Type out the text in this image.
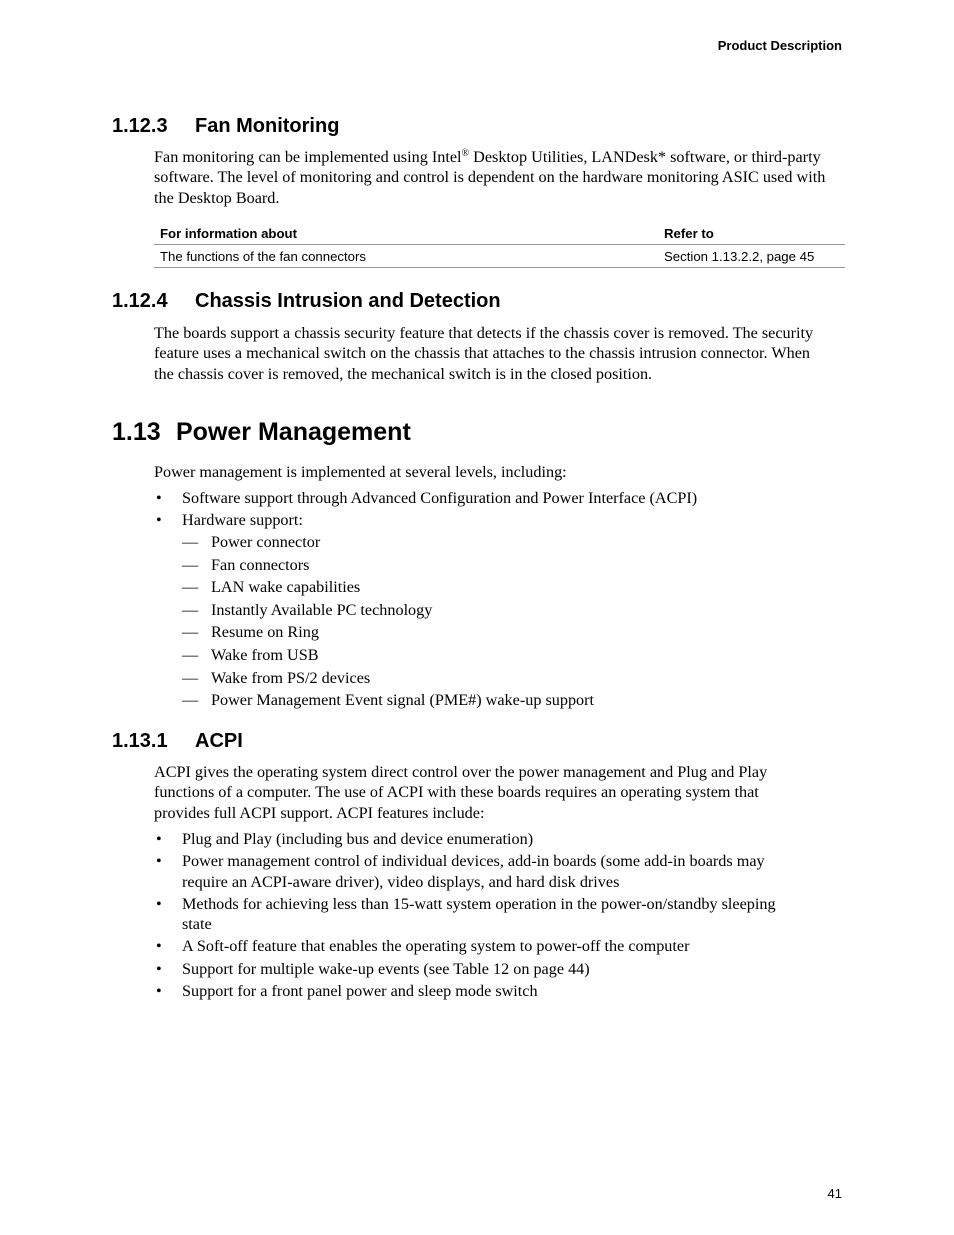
Product Description
1.12.3 Fan Monitoring

Fan monitoring can be implemented using Intel® Desktop Utilities, LANDesk* software, or third-party software. The level of monitoring and control is dependent on the hardware monitoring ASIC used with the Desktop Board.

For information about	Refer to
The functions of the fan connectors	Section 1.13.2.2, page 45
1.12.4 Chassis Intrusion and Detection

The boards support a chassis security feature that detects if the chassis cover is removed. The security feature uses a mechanical switch on the chassis that attaches to the chassis intrusion connector. When the chassis cover is removed, the mechanical switch is in the closed position.

1.13 Power Management

Power management is implemented at several levels, including:

• Software support through Advanced Configuration and Power Interface (ACPI)
• Hardware support:
— Power connector
— Fan connectors
— LAN wake capabilities
— Instantly Available PC technology
— Resume on Ring
— Wake from USB
— Wake from PS/2 devices
— Power Management Event signal (PME#) wake-up support
1.13.1 ACPI

ACPI gives the operating system direct control over the power management and Plug and Play functions of a computer. The use of ACPI with these boards requires an operating system that provides full ACPI support. ACPI features include:

• Plug and Play (including bus and device enumeration)
• Power management control of individual devices, add-in boards (some add-in boards may require an ACPI-aware driver), video displays, and hard disk drives
• Methods for achieving less than 15-watt system operation in the power-on/standby sleeping state
• A Soft-off feature that enables the operating system to power-off the computer
• Support for multiple wake-up events (see Table 12 on page 44)
• Support for a front panel power and sleep mode switch
41
